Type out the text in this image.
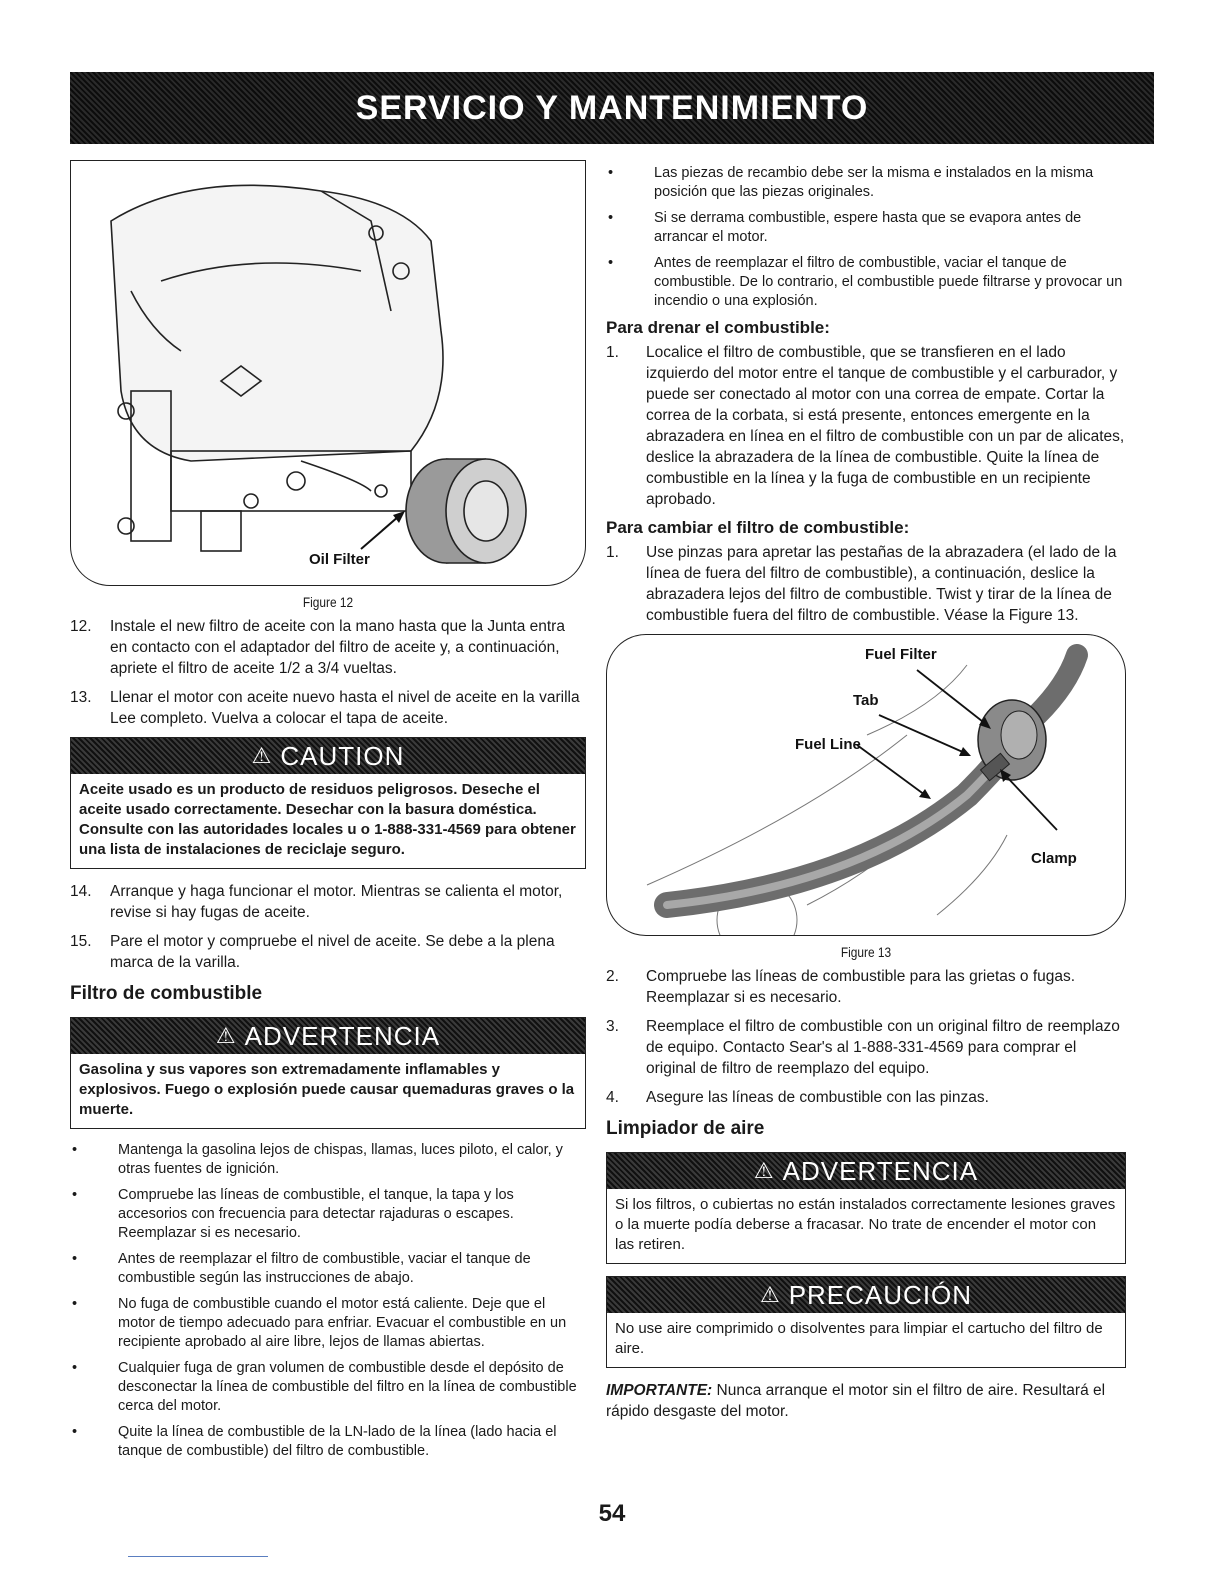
SERVICIO Y MANTENIMIENTO
Oil Filter
Figure 12
12.	Instale el new filtro de aceite con la mano hasta que la Junta entra en contacto con el adaptador del filtro de aceite y, a continuación, apriete el filtro de aceite 1/2 a 3/4 vueltas.
13.	Llenar el motor con aceite nuevo hasta el nivel de aceite en la varilla Lee completo. Vuelva a colocar el tapa de aceite.
⚠ CAUTION
Aceite usado es un producto de residuos peligrosos. Deseche el aceite usado correctamente. Desechar con la basura doméstica. Consulte con las autoridades locales u o 1-888-331-4569 para obtener una lista de instalaciones de reciclaje seguro.
14.	Arranque y haga funcionar el motor. Mientras se calienta el motor, revise si hay fugas de aceite.
15.	Pare el motor y compruebe el nivel de aceite. Se debe a la plena marca de la varilla.
Filtro de combustible
⚠ ADVERTENCIA
Gasolina y sus vapores son extremadamente inflamables y explosivos. Fuego o explosión puede causar quemaduras graves o la muerte.
•	Mantenga la gasolina lejos de chispas, llamas, luces piloto, el calor, y otras fuentes de ignición.
•	Compruebe las líneas de combustible, el tanque, la tapa y los accesorios con frecuencia para detectar rajaduras o escapes. Reemplazar si es necesario.
•	Antes de reemplazar el filtro de combustible, vaciar el tanque de combustible según las instrucciones de abajo.
•	No fuga de combustible cuando el motor está caliente. Deje que el motor de tiempo adecuado para enfriar. Evacuar el combustible en un recipiente aprobado al aire libre, lejos de llamas abiertas.
•	Cualquier fuga de gran volumen de combustible desde el depósito de desconectar la línea de combustible del filtro en la línea de combustible cerca del motor.
•	Quite la línea de combustible de la LN-lado de la línea (lado hacia el tanque de combustible) del filtro de combustible.
•	Las piezas de recambio debe ser la misma e instalados en la misma posición que las piezas originales.
•	Si se derrama combustible, espere hasta que se evapora antes de arrancar el motor.
•	Antes de reemplazar el filtro de combustible, vaciar el tanque de combustible. De lo contrario, el combustible puede filtrarse y provocar un incendio o una explosión.
Para drenar el combustible:
1.	Localice el filtro de combustible, que se transfieren en el lado izquierdo del motor entre el tanque de combustible y el carburador, y puede ser conectado al motor con una correa de empate. Cortar la correa de la corbata, si está presente, entonces emergente en la abrazadera en línea en el filtro de combustible con un par de alicates, deslice la abrazadera de la línea de combustible. Quite la línea de combustible en la línea y la fuga de combustible en un recipiente aprobado.
Para cambiar el filtro de combustible:
1.	Use pinzas para apretar las pestañas de la abrazadera (el lado de la línea de fuera del filtro de combustible), a continuación, deslice la abrazadera lejos del filtro de combustible. Twist y tirar de la línea de combustible fuera del filtro de combustible. Véase la Figure 13.
Fuel Filter
Tab
Fuel Line
Clamp
Figure 13
2.	Compruebe las líneas de combustible para las grietas o fugas. Reemplazar si es necesario.
3.	Reemplace el filtro de combustible con un original filtro de reemplazo de equipo. Contacto Sear's al 1-888-331-4569 para comprar el original de filtro de reemplazo del equipo.
4.	Asegure las líneas de combustible con las pinzas.
Limpiador de aire
⚠ ADVERTENCIA
Si los filtros, o cubiertas no están instalados correctamente lesiones graves o la muerte podía deberse a fracasar. No trate de encender el motor con las retiren.
⚠ PRECAUCIÓN
No use aire comprimido o disolventes para limpiar el cartucho del filtro de aire.
IMPORTANTE: Nunca arranque el motor sin el filtro de aire. Resultará el rápido desgaste del motor.
54
